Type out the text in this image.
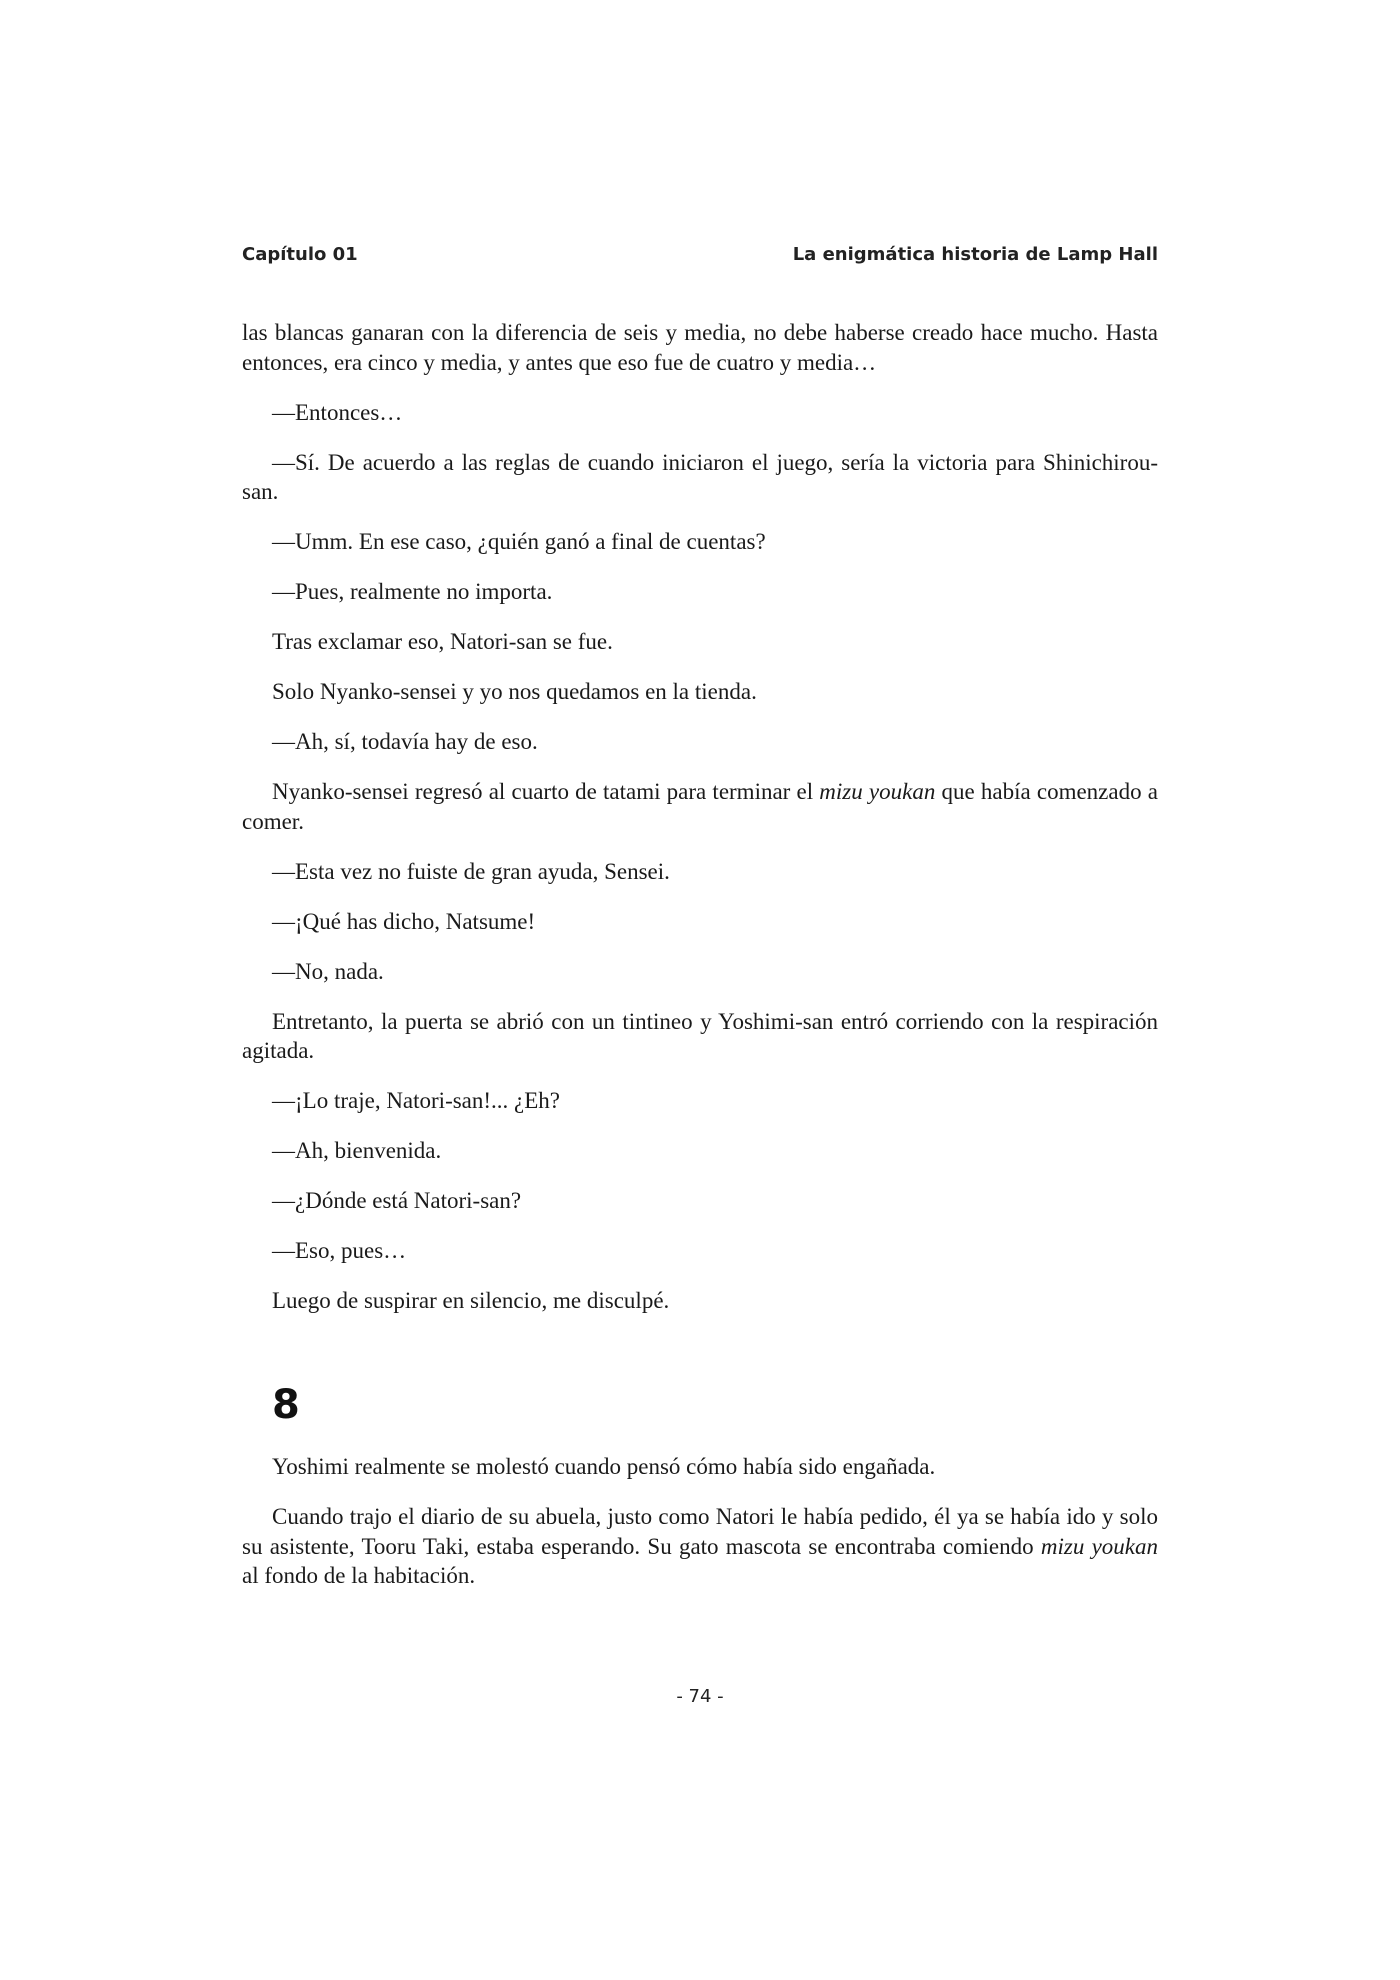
Capítulo 01	La enigmática historia de Lamp Hall

las blancas ganaran con la diferencia de seis y media, no debe haberse creado hace mucho. Hasta entonces, era cinco y media, y antes que eso fue de cuatro y media…

—Entonces…

—Sí. De acuerdo a las reglas de cuando iniciaron el juego, sería la victoria para Shinichirou-san.

—Umm. En ese caso, ¿quién ganó a final de cuentas?

—Pues, realmente no importa.

Tras exclamar eso, Natori-san se fue.

Solo Nyanko-sensei y yo nos quedamos en la tienda.

—Ah, sí, todavía hay de eso.

Nyanko-sensei regresó al cuarto de tatami para terminar el mizu youkan que había comenzado a comer.

—Esta vez no fuiste de gran ayuda, Sensei.

—¡Qué has dicho, Natsume!

—No, nada.

Entretanto, la puerta se abrió con un tintineo y Yoshimi-san entró corriendo con la respiración agitada.

—¡Lo traje, Natori-san!... ¿Eh?

—Ah, bienvenida.

—¿Dónde está Natori-san?

—Eso, pues…

Luego de suspirar en silencio, me disculpé.

8

Yoshimi realmente se molestó cuando pensó cómo había sido engañada.

Cuando trajo el diario de su abuela, justo como Natori le había pedido, él ya se había ido y solo su asistente, Tooru Taki, estaba esperando. Su gato mascota se encontraba comiendo mizu youkan al fondo de la habitación.

- 74 -
